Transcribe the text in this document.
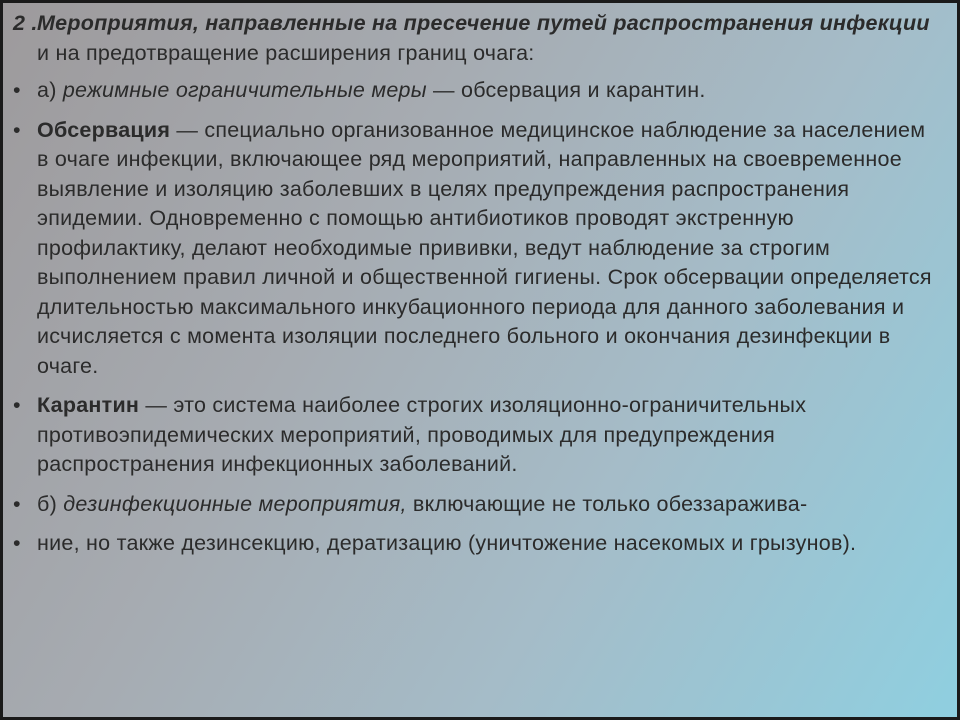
2 . Мероприятия, направленные на пресечение путей распространения инфекции и на предотвращение расширения границ очага:
• а) режимные ограничительные меры — обсервация и карантин.
• Обсервация — специально организованное медицинское наблюдение за населением в очаге инфекции, включающее ряд мероприятий, направленных на своевременное выявление и изоляцию заболевших в целях предупреждения распространения эпидемии. Одновременно с помощью антибиотиков проводят экстренную профилактику, делают необходимые прививки, ведут наблюдение за строгим выполнением правил личной и общественной гигиены. Срок обсервации определяется длительностью максимального инкубационного периода для данного заболевания и исчисляется с момента изоляции последнего больного и окончания дезинфекции в очаге.
• Карантин — это система наиболее строгих изоляционно-ограничительных противоэпидемических мероприятий, проводимых для предупреждения распространения инфекционных заболеваний.
• б) дезинфекционные мероприятия, включающие не только обеззаражива-
• ние, но также дезинсекцию, дератизацию (уничтожение насекомых и грызунов).
